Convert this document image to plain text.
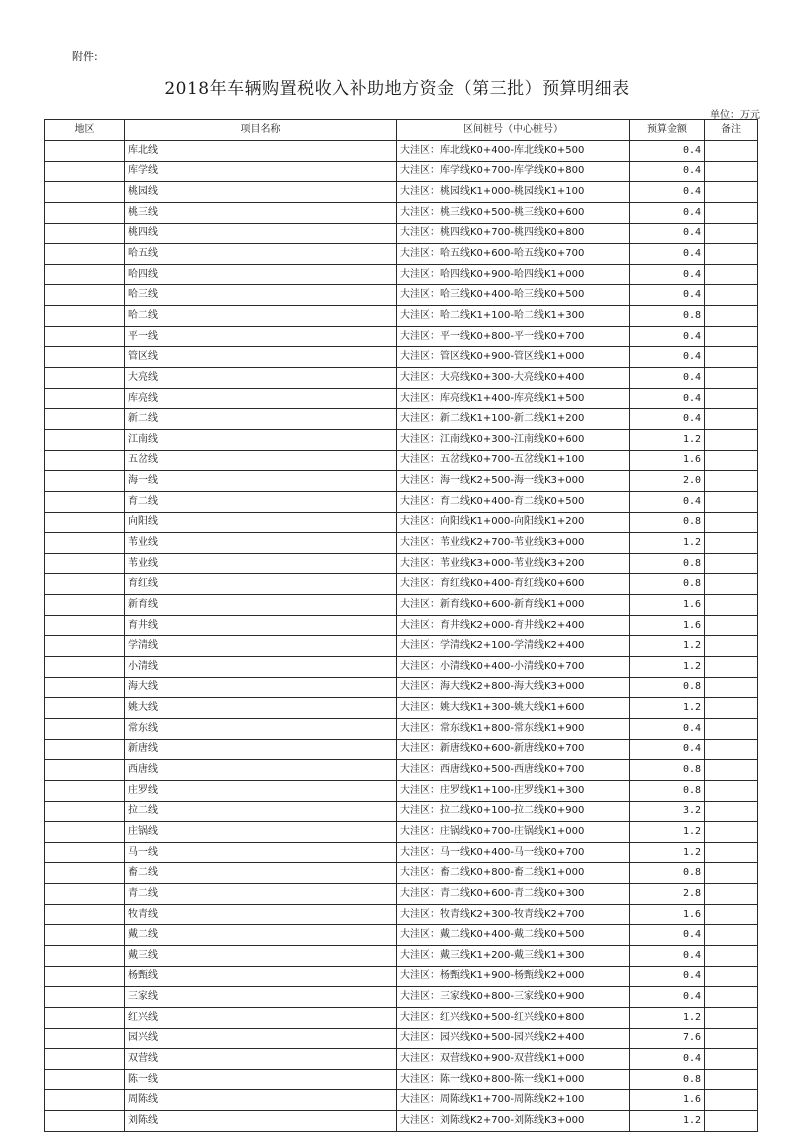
附件:
2018年车辆购置税收入补助地方资金（第三批）预算明细表
单位：万元
地区	项目名称	区间桩号（中心桩号）	预算金额	备注
	库北线	大洼区：库北线K0+400-库北线K0+500	0.4	
	库学线	大洼区：库学线K0+700-库学线K0+800	0.4	
	桃园线	大洼区：桃园线K1+000-桃园线K1+100	0.4	
	桃三线	大洼区：桃三线K0+500-桃三线K0+600	0.4	
	桃四线	大洼区：桃四线K0+700-桃四线K0+800	0.4	
	哈五线	大洼区：哈五线K0+600-哈五线K0+700	0.4	
	哈四线	大洼区：哈四线K0+900-哈四线K1+000	0.4	
	哈三线	大洼区：哈三线K0+400-哈三线K0+500	0.4	
	哈二线	大洼区：哈二线K1+100-哈二线K1+300	0.8	
	平一线	大洼区：平一线K0+800-平一线K0+700	0.4	
	管区线	大洼区：管区线K0+900-管区线K1+000	0.4	
	大亮线	大洼区：大亮线K0+300-大亮线K0+400	0.4	
	库亮线	大洼区：库亮线K1+400-库亮线K1+500	0.4	
	新二线	大洼区：新二线K1+100-新二线K1+200	0.4	
	江南线	大洼区：江南线K0+300-江南线K0+600	1.2	
	五岔线	大洼区：五岔线K0+700-五岔线K1+100	1.6	
	海一线	大洼区：海一线K2+500-海一线K3+000	2.0	
	育二线	大洼区：育二线K0+400-育二线K0+500	0.4	
	向阳线	大洼区：向阳线K1+000-向阳线K1+200	0.8	
	苇业线	大洼区：苇业线K2+700-苇业线K3+000	1.2	
	苇业线	大洼区：苇业线K3+000-苇业线K3+200	0.8	
	育红线	大洼区：育红线K0+400-育红线K0+600	0.8	
	新育线	大洼区：新育线K0+600-新育线K1+000	1.6	
	育井线	大洼区：育井线K2+000-育井线K2+400	1.6	
	学清线	大洼区：学清线K2+100-学清线K2+400	1.2	
	小清线	大洼区：小清线K0+400-小清线K0+700	1.2	
	海大线	大洼区：海大线K2+800-海大线K3+000	0.8	
	姚大线	大洼区：姚大线K1+300-姚大线K1+600	1.2	
	常东线	大洼区：常东线K1+800-常东线K1+900	0.4	
	新唐线	大洼区：新唐线K0+600-新唐线K0+700	0.4	
	西唐线	大洼区：西唐线K0+500-西唐线K0+700	0.8	
	庄罗线	大洼区：庄罗线K1+100-庄罗线K1+300	0.8	
	拉二线	大洼区：拉二线K0+100-拉二线K0+900	3.2	
	庄锅线	大洼区：庄锅线K0+700-庄锅线K1+000	1.2	
	马一线	大洼区：马一线K0+400-马一线K0+700	1.2	
	畜二线	大洼区：畜二线K0+800-畜二线K1+000	0.8	
	青二线	大洼区：青二线K0+600-青二线K0+300	2.8	
	牧青线	大洼区：牧青线K2+300-牧青线K2+700	1.6	
	戴二线	大洼区：戴二线K0+400-戴二线K0+500	0.4	
	戴三线	大洼区：戴三线K1+200-戴三线K1+300	0.4	
	杨甄线	大洼区：杨甄线K1+900-杨甄线K2+000	0.4	
	三家线	大洼区：三家线K0+800-三家线K0+900	0.4	
	红兴线	大洼区：红兴线K0+500-红兴线K0+800	1.2	
	园兴线	大洼区：园兴线K0+500-园兴线K2+400	7.6	
	双营线	大洼区：双营线K0+900-双营线K1+000	0.4	
	陈一线	大洼区：陈一线K0+800-陈一线K1+000	0.8	
	周陈线	大洼区：周陈线K1+700-周陈线K2+100	1.6	
	刘陈线	大洼区：刘陈线K2+700-刘陈线K3+000	1.2	
